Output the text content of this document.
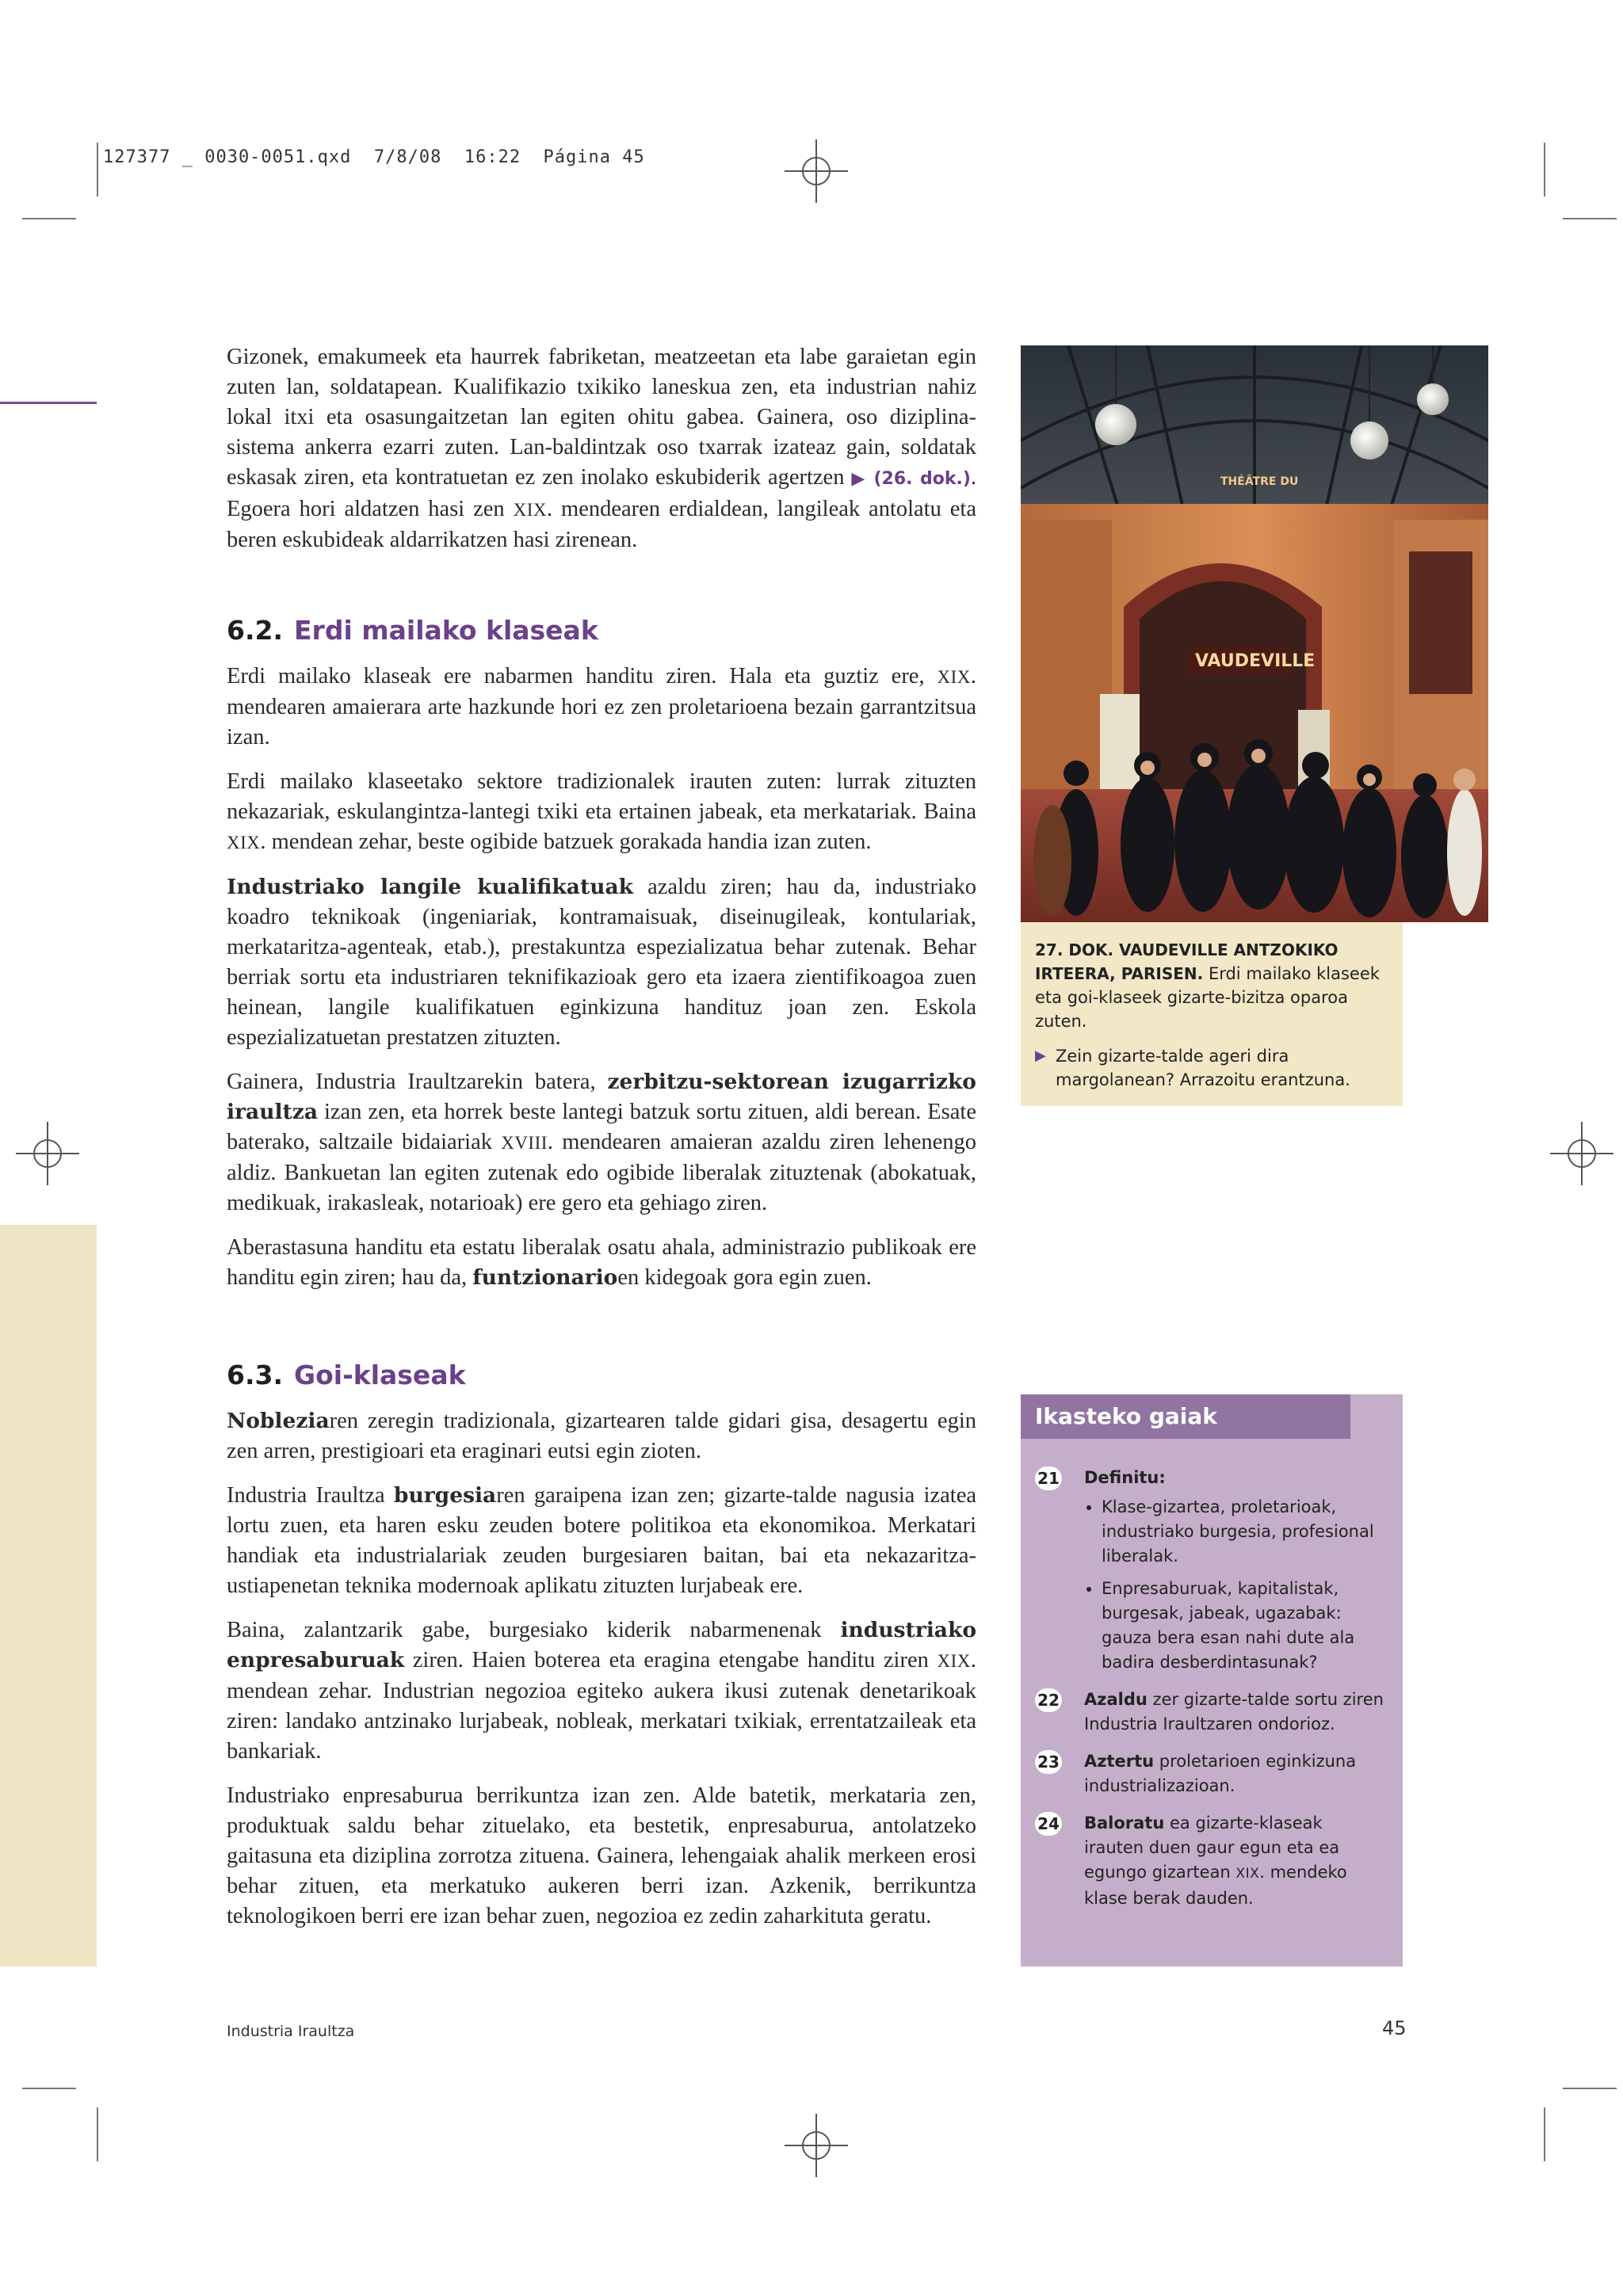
127377 _ 0030-0051.qxd  7/8/08  16:22  Página 45

Gizonek, emakumeek eta haurrek fabriketan, meatzeetan eta labe garaietan egin zuten lan, soldatapean. Kualifikazio txikiko laneskua zen, eta industrian nahiz lokal itxi eta osasungaitzetan lan egiten ohitu gabea. Gainera, oso diziplina-sistema ankerra ezarri zuten. Lan-baldintzak oso txarrak izateaz gain, soldatak eskasak ziren, eta kontratuetan ez zen inolako eskubiderik agertzen ▶ (26. dok.). Egoera hori aldatzen hasi zen XIX. mendearen erdialdean, langileak antolatu eta beren eskubideak aldarrikatzen hasi zirenean.

6.2. Erdi mailako klaseak

Erdi mailako klaseak ere nabarmen handitu ziren. Hala eta guztiz ere, XIX. mendearen amaierara arte hazkunde hori ez zen proletarioena bezain garrantzitsua izan.

Erdi mailako klaseetako sektore tradizionalek irauten zuten: lurrak zituzten nekazariak, eskulangintza-lantegi txiki eta ertainen jabeak, eta merkatariak. Baina XIX. mendean zehar, beste ogibide batzuek gorakada handia izan zuten.

Industriako langile kualifikatuak azaldu ziren; hau da, industriako koadro teknikoak (ingeniariak, kontramaisuak, diseinugileak, kontulariak, merkataritza-agenteak, etab.), prestakuntza espezializatua behar zutenak. Behar berriak sortu eta industriaren teknifikazioak gero eta izaera zientifikoagoa zuen heinean, langile kualifikatuen eginkizuna handituz joan zen. Eskola espezializatuetan prestatzen zituzten.

Gainera, Industria Iraultzarekin batera, zerbitzu-sektorean izugarrizko iraultza izan zen, eta horrek beste lantegi batzuk sortu zituen, aldi berean. Esate baterako, saltzaile bidaiariak XVIII. mendearen amaieran azaldu ziren lehenengo aldiz. Bankuetan lan egiten zutenak edo ogibide liberalak zituztenak (abokatuak, medikuak, irakasleak, notarioak) ere gero eta gehiago ziren.

Aberastasuna handitu eta estatu liberalak osatu ahala, administrazio publikoak ere handitu egin ziren; hau da, funtzionarioen kidegoak gora egin zuen.

6.3. Goi-klaseak

Nobleziaren zeregin tradizionala, gizartearen talde gidari gisa, desagertu egin zen arren, prestigioari eta eraginari eutsi egin zioten.

Industria Iraultza burgesiaren garaipena izan zen; gizarte-talde nagusia izatea lortu zuen, eta haren esku zeuden botere politikoa eta ekonomikoa. Merkatari handiak eta industrialariak zeuden burgesiaren baitan, bai eta nekazaritza-ustiapenetan teknika modernoak aplikatu zituzten lurjabeak ere.

Baina, zalantzarik gabe, burgesiako kiderik nabarmenenak industriako enpresaburuak ziren. Haien boterea eta eragina etengabe handitu ziren XIX. mendean zehar. Industrian negozioa egiteko aukera ikusi zutenak denetarikoak ziren: landako antzinako lurjabeak, nobleak, merkatari txikiak, errentatzaileak eta bankariak.

Industriako enpresaburua berrikuntza izan zen. Alde batetik, merkataria zen, produktuak saldu behar zituelako, eta bestetik, enpresaburua, antolatzeko gaitasuna eta diziplina zorrotza zituena. Gainera, lehengaiak ahalik merkeen erosi behar zituen, eta merkatuko aukeren berri izan. Azkenik, berrikuntza teknologikoen berri ere izan behar zuen, negozioa ez zedin zaharkituta geratu.

THÉÂTRE DU
VAUDEVILLE
27. DOK. VAUDEVILLE ANTZOKIKO IRTEERA, PARISEN. Erdi mailako klaseek eta goi-klaseek gizarte-bizitza oparoa zuten.
▶ Zein gizarte-talde ageri dira margolanean? Arrazoitu erantzuna.
Ikasteko gaiak
21 Definitu:
• Klase-gizartea, proletarioak, industriako burgesia, profesional liberalak.
• Enpresaburuak, kapitalistak, burgesak, jabeak, ugazabak: gauza bera esan nahi dute ala badira desberdintasunak?
22 Azaldu zer gizarte-talde sortu ziren Industria Iraultzaren ondorioz.
23 Aztertu proletarioen eginkizuna industrializazioan.
24 Baloratu ea gizarte-klaseak irauten duen gaur egun eta ea egungo gizartean XIX. mendeko klase berak dauden.
Industria Iraultza	45
